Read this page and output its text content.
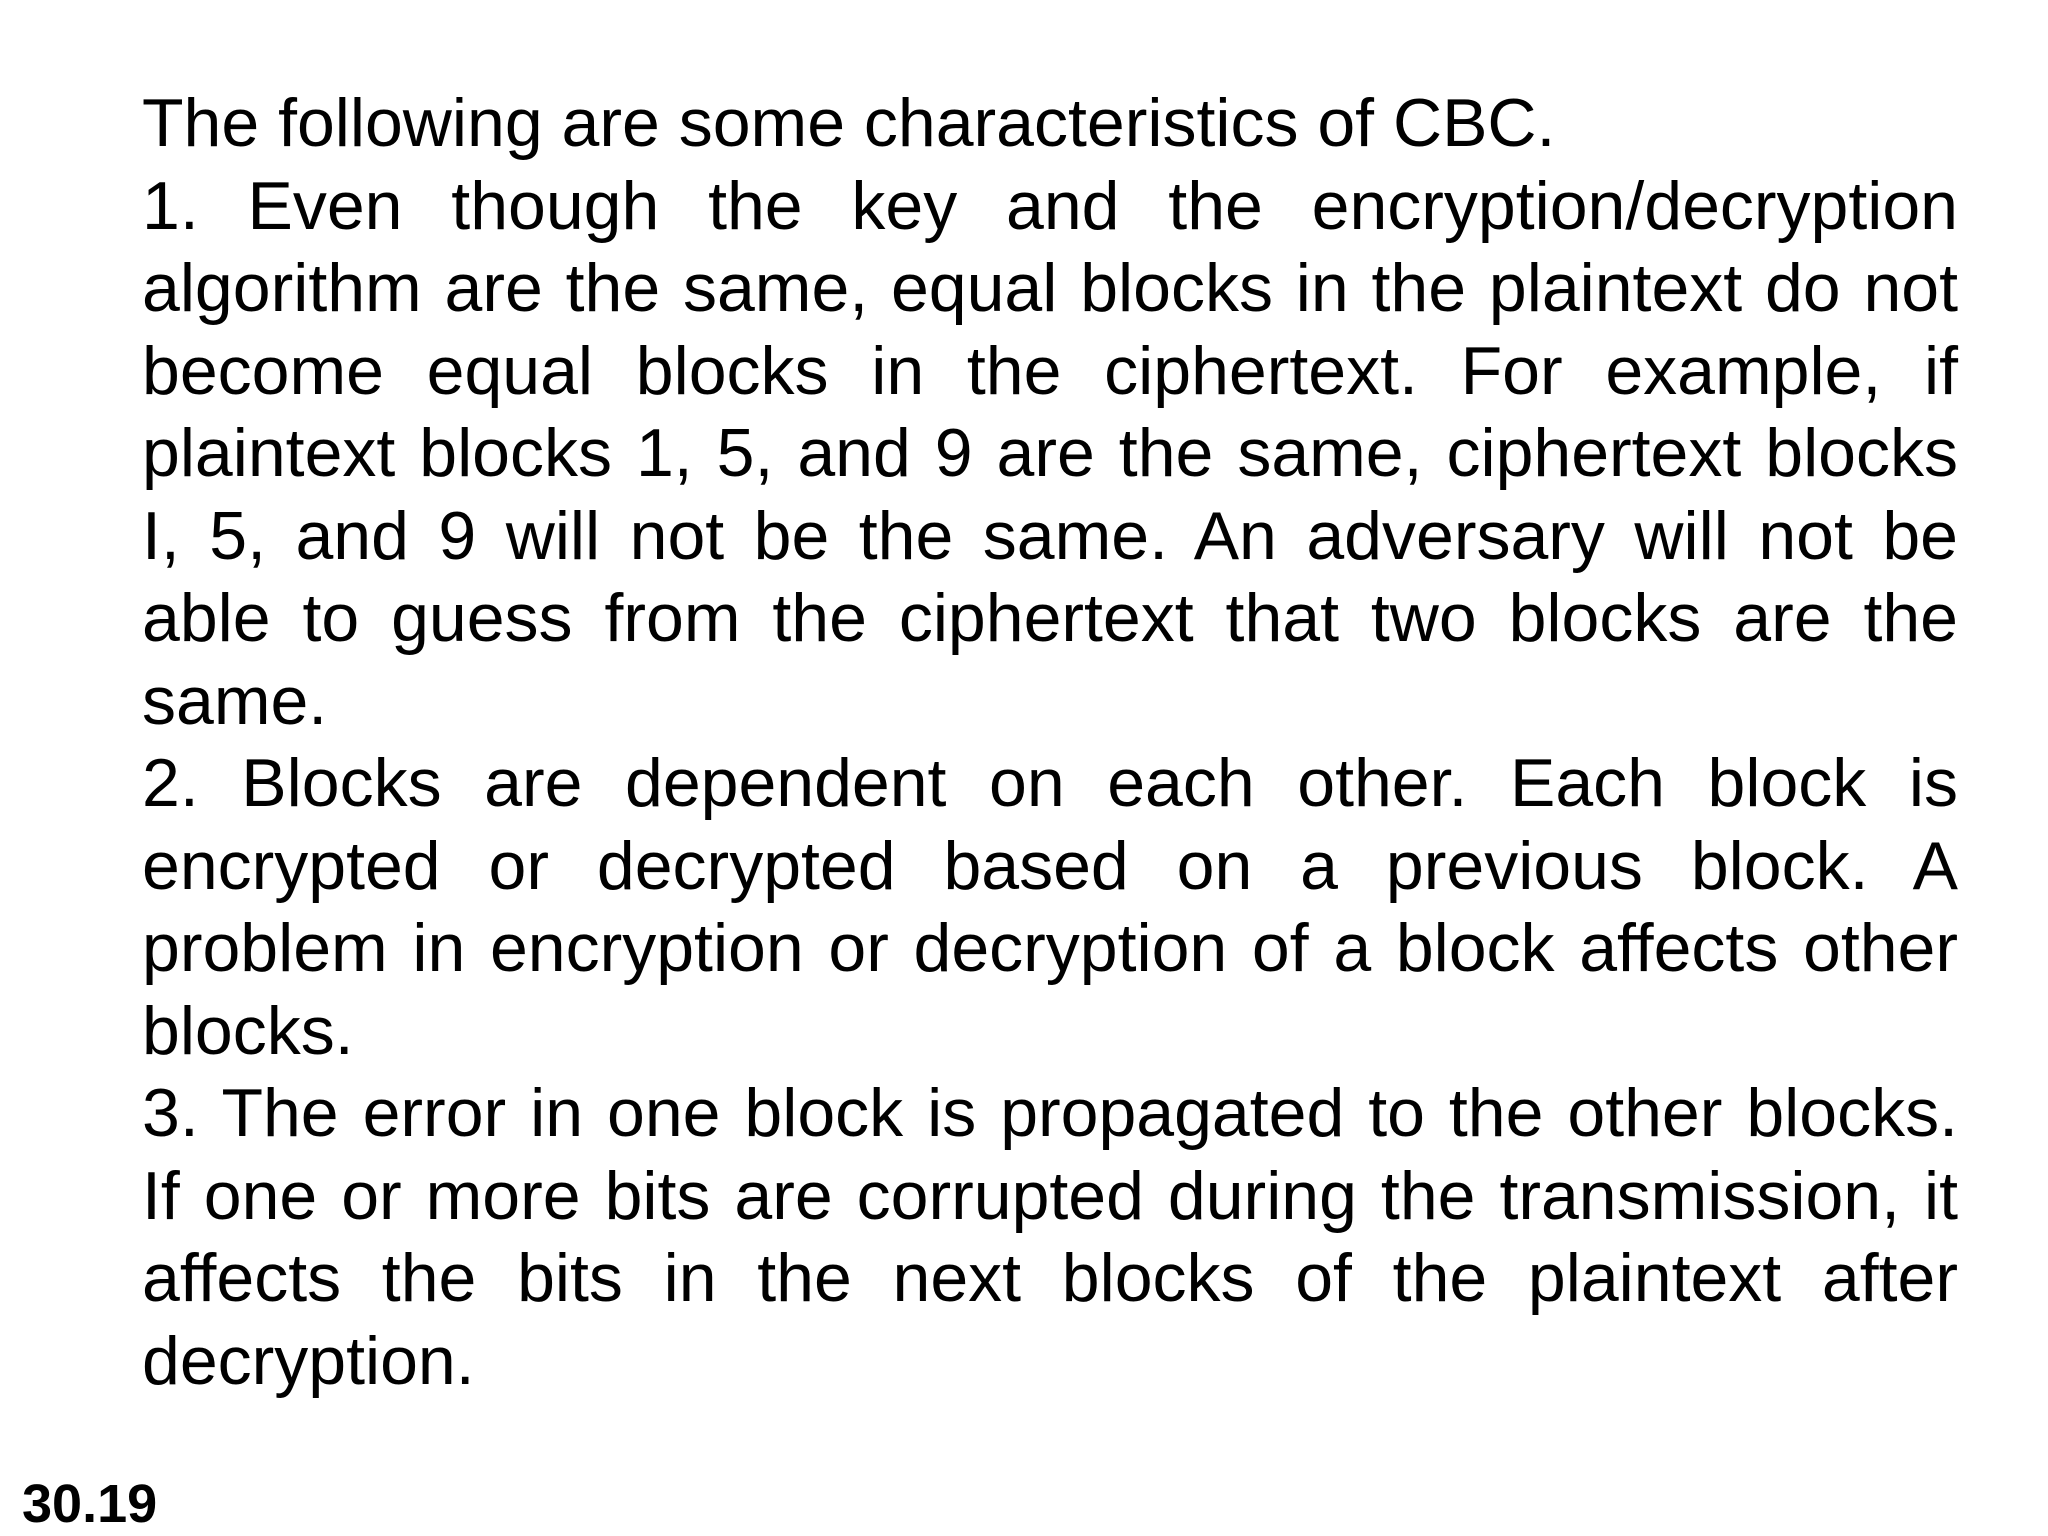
The following are some characteristics of CBC.

1. Even though the key and the encryption/decryption algorithm are the same, equal blocks in the plaintext do not become equal blocks in the ciphertext. For example, if plaintext blocks 1, 5, and 9 are the same, ciphertext blocks I, 5, and 9 will not be the same. An adversary will not be able to guess from the ciphertext that two blocks are the same.

2. Blocks are dependent on each other. Each block is encrypted or decrypted based on a previous block. A problem in encryption or decryption of a block affects other blocks.

3. The error in one block is propagated to the other blocks. If one or more bits are corrupted during the transmission, it affects the bits in the next blocks of the plaintext after decryption.

30.19
